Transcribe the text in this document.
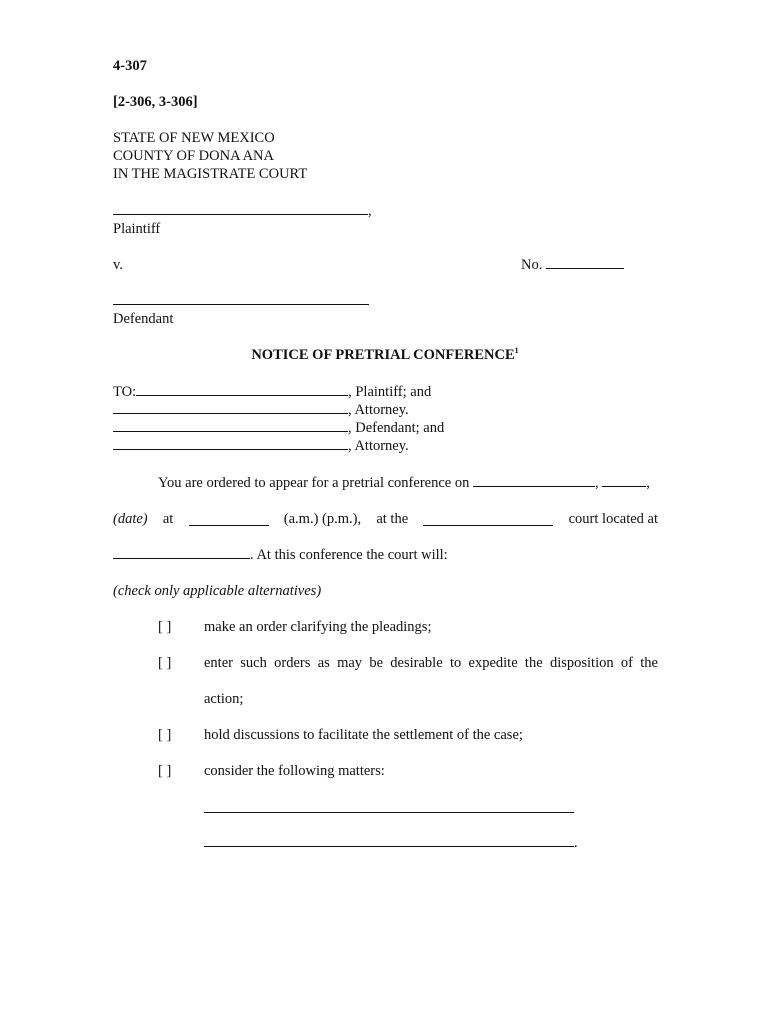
4-307
[2-306, 3-306]
STATE OF NEW MEXICO
COUNTY OF DONA ANA
IN THE MAGISTRATE COURT
,
Plaintiff
v.	No.
Defendant
NOTICE OF PRETRIAL CONFERENCE$^1$
TO:	, Plaintiff; and
, Attorney.
, Defendant; and
, Attorney.
You are ordered to appear for a pretrial conference on	,	,
(date) at	(a.m.) (p.m.), at the	court located at
. At this conference the court will:
(check only applicable alternatives)
[ ] make an order clarifying the pleadings;
[ ] enter such orders as may be desirable to expedite the disposition of the
action;
[ ] hold discussions to facilitate the settlement of the case;
[ ] consider the following matters:
.
